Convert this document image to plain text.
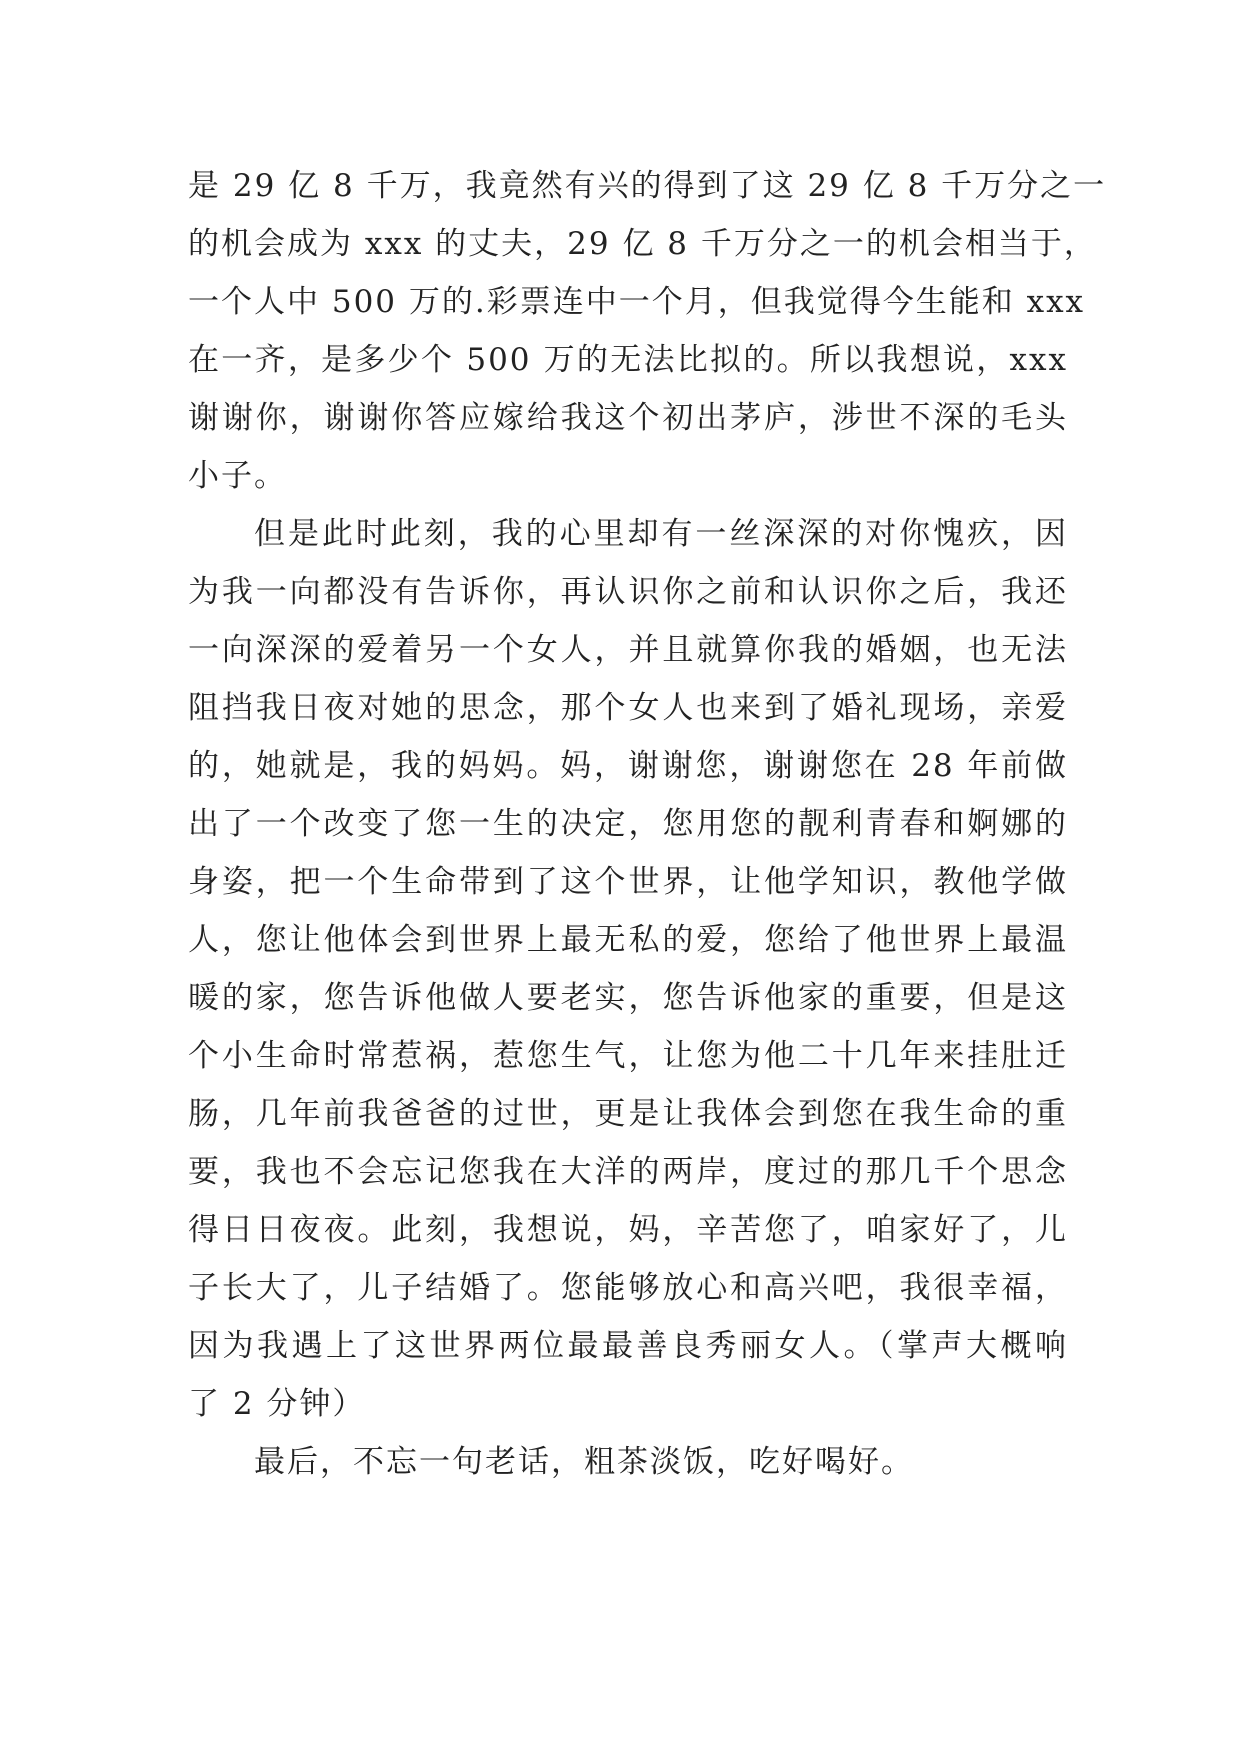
是 29 亿 8 千万，我竟然有兴的得到了这 29 亿 8 千万分之一
的机会成为 xxx 的丈夫，29 亿 8 千万分之一的机会相当于，
一个人中 500 万的.彩票连中一个月，但我觉得今生能和 xxx
在一齐，是多少个 500 万的无法比拟的。所以我想说，xxx
谢谢你，谢谢你答应嫁给我这个初出茅庐，涉世不深的毛头
小子。
但是此时此刻，我的心里却有一丝深深的对你愧疚，因
为我一向都没有告诉你，再认识你之前和认识你之后，我还
一向深深的爱着另一个女人，并且就算你我的婚姻，也无法
阻挡我日夜对她的思念，那个女人也来到了婚礼现场，亲爱
的，她就是，我的妈妈。妈，谢谢您，谢谢您在 28 年前做
出了一个改变了您一生的决定，您用您的靓利青春和婀娜的
身姿，把一个生命带到了这个世界，让他学知识，教他学做
人，您让他体会到世界上最无私的爱，您给了他世界上最温
暖的家，您告诉他做人要老实，您告诉他家的重要，但是这
个小生命时常惹祸，惹您生气，让您为他二十几年来挂肚迁
肠，几年前我爸爸的过世，更是让我体会到您在我生命的重
要，我也不会忘记您我在大洋的两岸，度过的那几千个思念
得日日夜夜。此刻，我想说，妈，辛苦您了，咱家好了，儿
子长大了，儿子结婚了。您能够放心和高兴吧，我很幸福，
因为我遇上了这世界两位最最善良秀丽女人。（掌声大概响
了 2 分钟）
最后，不忘一句老话，粗茶淡饭，吃好喝好。
